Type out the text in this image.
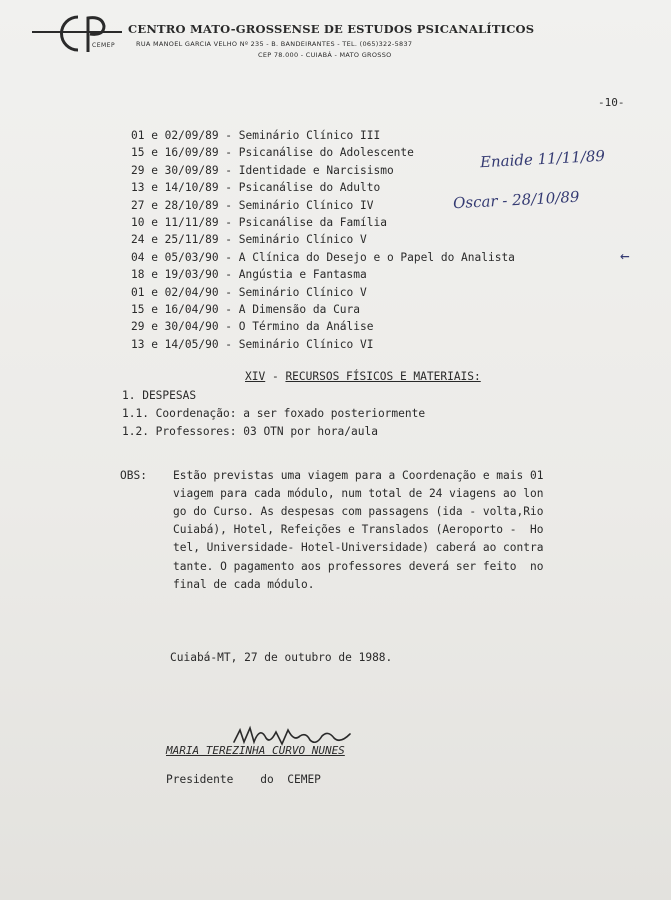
CEMEP
CENTRO MATO-GROSSENSE DE ESTUDOS PSICANALÍTICOS
RUA MANOEL GARCIA VELHO Nº 235 - B. BANDEIRANTES - TEL. (065)322-5837
CEP 78.000 - CUIABÁ - MATO GROSSO
-10-
01 e 02/09/89 - Seminário Clínico III
15 e 16/09/89 - Psicanálise do Adolescente
29 e 30/09/89 - Identidade e Narcisismo
13 e 14/10/89 - Psicanálise do Adulto
27 e 28/10/89 - Seminário Clínico IV
10 e 11/11/89 - Psicanálise da Família
24 e 25/11/89 - Seminário Clínico V
04 e 05/03/90 - A Clínica do Desejo e o Papel do Analista
18 e 19/03/90 - Angústia e Fantasma
01 e 02/04/90 - Seminário Clínico V
15 e 16/04/90 - A Dimensão da Cura
29 e 30/04/90 - O Término da Análise
13 e 14/05/90 - Seminário Clínico VI
Enaide 11/11/89
Oscar - 28/10/89
←
XIV - RECURSOS FÍSICOS E MATERIAIS:
1. DESPESAS
1.1. Coordenação: a ser foxado posteriormente
1.2. Professores: 03 OTN por hora/aula
OBS: Estão previstas uma viagem para a Coordenação e mais 01
viagem para cada módulo, num total de 24 viagens ao lon
go do Curso. As despesas com passagens (ida - volta,Rio
Cuiabá), Hotel, Refeições e Translados (Aeroporto -  Ho
tel, Universidade- Hotel-Universidade) caberá ao contra
tante. O pagamento aos professores deverá ser feito  no
final de cada módulo.
Cuiabá-MT, 27 de outubro de 1988.
MARIA TEREZINHA CURVO NUNES
Presidente    do  CEMEP
